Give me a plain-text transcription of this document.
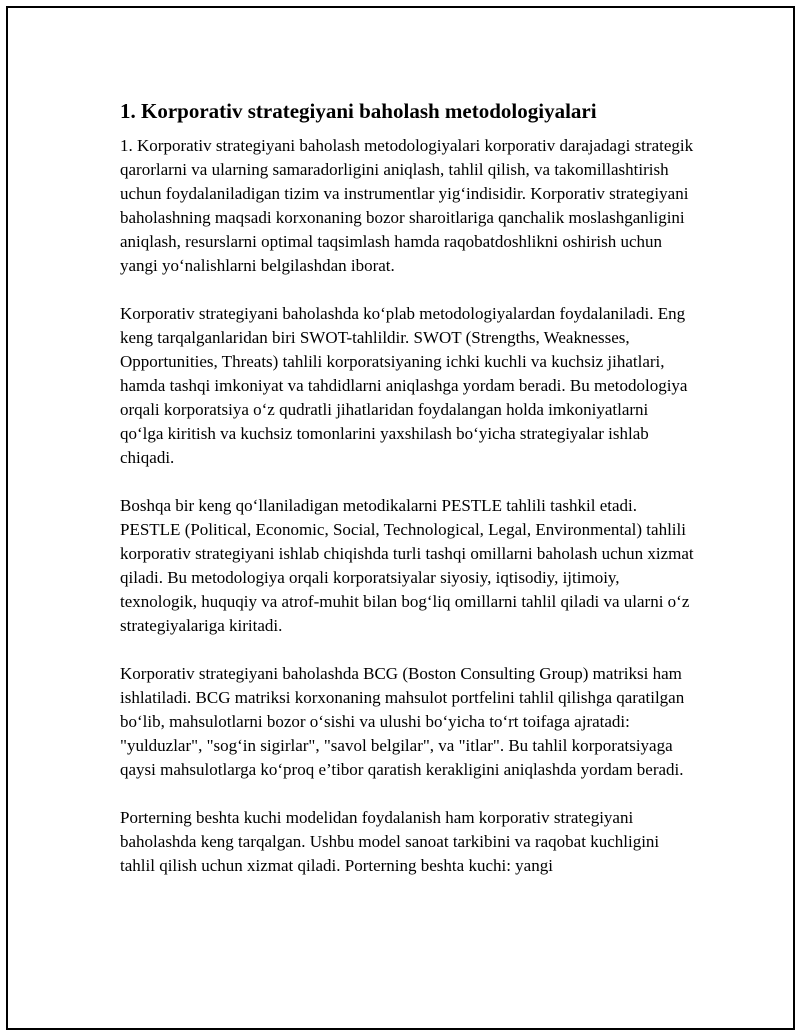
1. Korporativ strategiyani baholash metodologiyalari

1. Korporativ strategiyani baholash metodologiyalari korporativ darajadagi strategik qarorlarni va ularning samaradorligini aniqlash, tahlil qilish, va takomillashtirish uchun foydalaniladigan tizim va instrumentlar yig‘indisidir. Korporativ strategiyani baholashning maqsadi korxonaning bozor sharoitlariga qanchalik moslashganligini aniqlash, resurslarni optimal taqsimlash hamda raqobatdoshlikni oshirish uchun yangi yo‘nalishlarni belgilashdan iborat.

Korporativ strategiyani baholashda ko‘plab metodologiyalardan foydalaniladi. Eng keng tarqalganlaridan biri SWOT-tahlildir. SWOT (Strengths, Weaknesses, Opportunities, Threats) tahlili korporatsiyaning ichki kuchli va kuchsiz jihatlari, hamda tashqi imkoniyat va tahdidlarni aniqlashga yordam beradi. Bu metodologiya orqali korporatsiya o‘z qudratli jihatlaridan foydalangan holda imkoniyatlarni qo‘lga kiritish va kuchsiz tomonlarini yaxshilash bo‘yicha strategiyalar ishlab chiqadi.

Boshqa bir keng qo‘llaniladigan metodikalarni PESTLE tahlili tashkil etadi. PESTLE (Political, Economic, Social, Technological, Legal, Environmental) tahlili korporativ strategiyani ishlab chiqishda turli tashqi omillarni baholash uchun xizmat qiladi. Bu metodologiya orqali korporatsiyalar siyosiy, iqtisodiy, ijtimoiy, texnologik, huquqiy va atrof-muhit bilan bog‘liq omillarni tahlil qiladi va ularni o‘z strategiyalariga kiritadi.

Korporativ strategiyani baholashda BCG (Boston Consulting Group) matriksi ham ishlatiladi. BCG matriksi korxonaning mahsulot portfelini tahlil qilishga qaratilgan bo‘lib, mahsulotlarni bozor o‘sishi va ulushi bo‘yicha to‘rt toifaga ajratadi: "yulduzlar", "sog‘in sigirlar", "savol belgilar", va "itlar". Bu tahlil korporatsiyaga qaysi mahsulotlarga ko‘proq e’tibor qaratish kerakligini aniqlashda yordam beradi.

Porterning beshta kuchi modelidan foydalanish ham korporativ strategiyani baholashda keng tarqalgan. Ushbu model sanoat tarkibini va raqobat kuchligini tahlil qilish uchun xizmat qiladi. Porterning beshta kuchi: yangi
